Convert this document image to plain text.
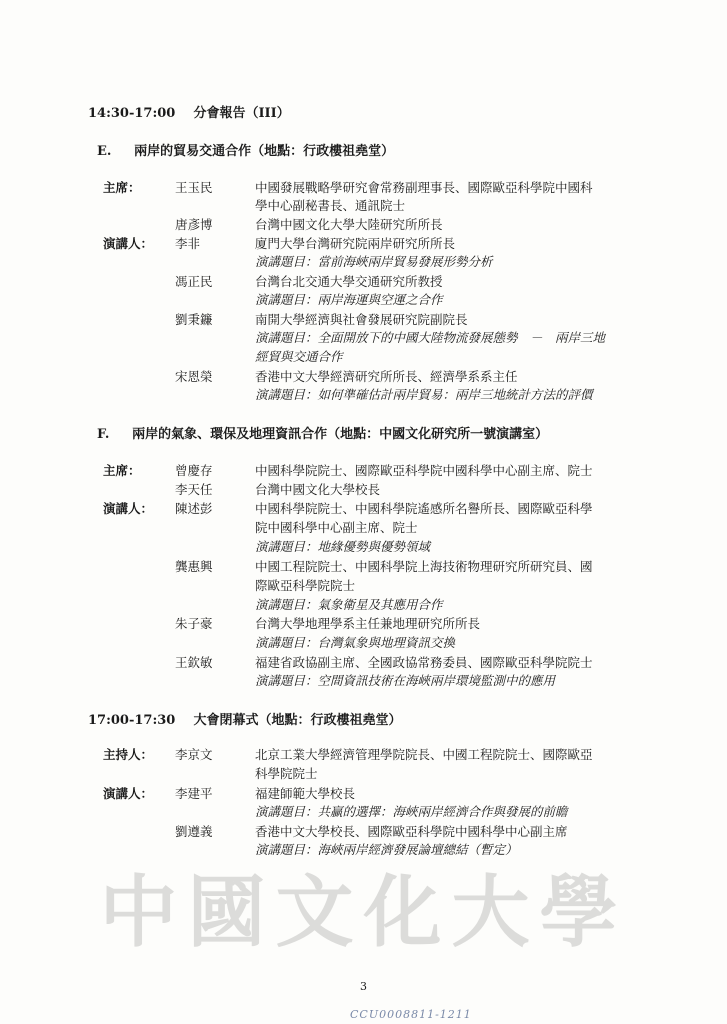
14:30-17:00 分會報告（III）
E. 兩岸的貿易交通合作（地點：行政樓祖堯堂）
主席：	王玉民	中國發展戰略學研究會常務副理事長、國際歐亞科學院中國科
學中心副秘書長、通訊院士
唐彥博	台灣中國文化大學大陸研究所所長
演講人： 李非	廈門大學台灣研究院兩岸研究所所長
演講題目：當前海峽兩岸貿易發展形勢分析
馮正民	台灣台北交通大學交通研究所教授
演講題目：兩岸海運與空運之合作
劉秉鐮	南開大學經濟與社會發展研究院副院長
演講題目：全面開放下的中國大陸物流發展態勢　－　兩岸三地
經貿與交通合作
宋恩榮	香港中文大學經濟研究所所長、經濟學系系主任
演講題目：如何準確估計兩岸貿易：兩岸三地統計方法的評價
F. 兩岸的氣象、環保及地理資訊合作（地點：中國文化研究所一號演講室）
主席：	曾慶存	中國科學院院士、國際歐亞科學院中國科學中心副主席、院士
李天任	台灣中國文化大學校長
演講人： 陳述彭	中國科學院院士、中國科學院遙感所名譽所長、國際歐亞科學
院中國科學中心副主席、院士
演講題目：地緣優勢與優勢領域
龔惠興	中國工程院院士、中國科學院上海技術物理研究所研究員、國
際歐亞科學院院士
演講題目：氣象衛星及其應用合作
朱子豪	台灣大學地理學系主任兼地理研究所所長
演講題目：台灣氣象與地理資訊交換
王欽敏	福建省政協副主席、全國政協常務委員、國際歐亞科學院院士
演講題目：空間資訊技術在海峽兩岸環境監測中的應用
17:00-17:30 大會閉幕式（地點：行政樓祖堯堂）
主持人： 李京文	北京工業大學經濟管理學院院長、中國工程院院士、國際歐亞
科學院院士
演講人： 李建平	福建師範大學校長
演講題目：共贏的選擇：海峽兩岸經濟合作與發展的前瞻
劉遵義	香港中文大學校長、國際歐亞科學院中國科學中心副主席
演講題目：海峽兩岸經濟發展論壇總結（暫定）
中國文化大學
3
CCU0008811-1211
